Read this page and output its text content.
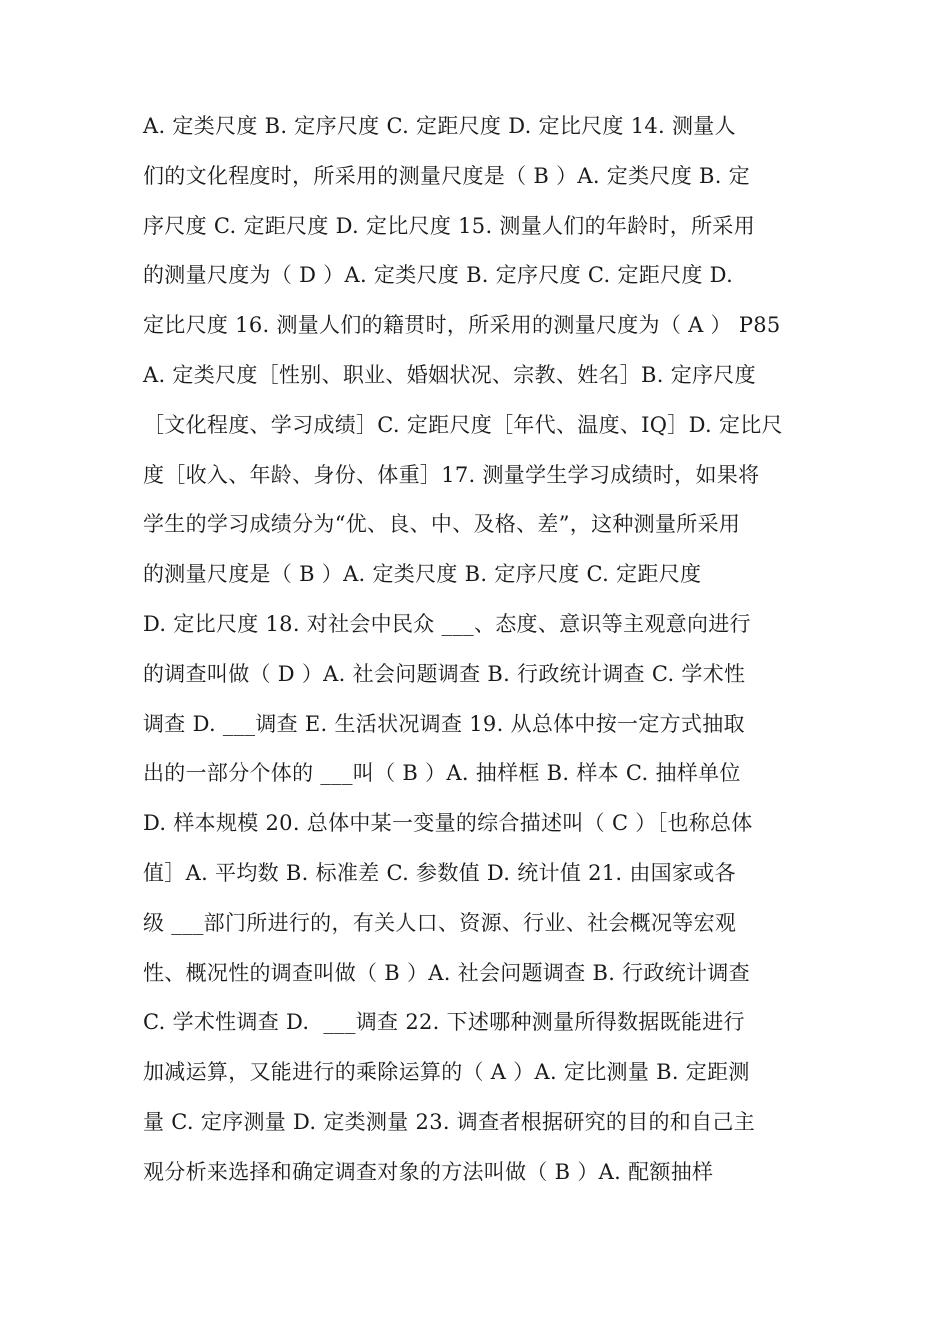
A. 定类尺度 B. 定序尺度 C. 定距尺度 D. 定比尺度 14. 测量人
们的文化程度时，所采用的测量尺度是（ B ）A. 定类尺度 B. 定
序尺度 C. 定距尺度 D. 定比尺度 15. 测量人们的年龄时，所采用
的测量尺度为（ D ）A. 定类尺度 B. 定序尺度 C. 定距尺度 D.
定比尺度 16. 测量人们的籍贯时，所采用的测量尺度为（ A ） P85
A. 定类尺度［性别、职业、婚姻状况、宗教、姓名］B. 定序尺度
［文化程度、学习成绩］C. 定距尺度［年代、温度、IQ］D. 定比尺
度［收入、年龄、身份、体重］17. 测量学生学习成绩时，如果将
学生的学习成绩分为“优、良、中、及格、差”，这种测量所采用
的测量尺度是（ B ）A. 定类尺度 B. 定序尺度 C. 定距尺度
D. 定比尺度 18. 对社会中民众 ___、态度、意识等主观意向进行
的调查叫做（ D ）A. 社会问题调查 B. 行政统计调查 C. 学术性
调查 D. ___调查 E. 生活状况调查 19. 从总体中按一定方式抽取
出的一部分个体的 ___叫（ B ）A. 抽样框 B. 样本 C. 抽样单位
D. 样本规模 20. 总体中某一变量的综合描述叫（ C ）［也称总体
值］A. 平均数 B. 标准差 C. 参数值 D. 统计值 21. 由国家或各
级 ___部门所进行的，有关人口、资源、行业、社会概况等宏观
性、概况性的调查叫做（ B ）A. 社会问题调查 B. 行政统计调查
C. 学术性调查 D.  ___调查 22. 下述哪种测量所得数据既能进行
加减运算，又能进行的乘除运算的（ A ）A. 定比测量 B. 定距测
量 C. 定序测量 D. 定类测量 23. 调查者根据研究的目的和自己主
观分析来选择和确定调查对象的方法叫做（ B ）A. 配额抽样
